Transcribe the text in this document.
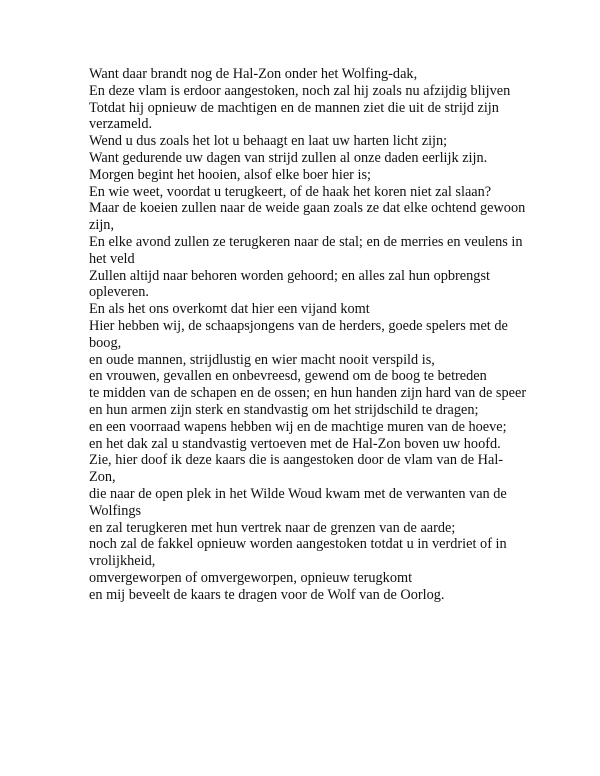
Want daar brandt nog de Hal-Zon onder het Wolfing-dak,

En deze vlam is erdoor aangestoken, noch zal hij zoals nu afzijdig blijven

Totdat hij opnieuw de machtigen en de mannen ziet die uit de strijd zijn verzameld.

Wend u dus zoals het lot u behaagt en laat uw harten licht zijn;

Want gedurende uw dagen van strijd zullen al onze daden eerlijk zijn.

Morgen begint het hooien, alsof elke boer hier is;

En wie weet, voordat u terugkeert, of de haak het koren niet zal slaan?

Maar de koeien zullen naar de weide gaan zoals ze dat elke ochtend gewoon zijn,

En elke avond zullen ze terugkeren naar de stal; en de merries en veulens in het veld

Zullen altijd naar behoren worden gehoord; en alles zal hun opbrengst opleveren.

En als het ons overkomt dat hier een vijand komt

Hier hebben wij, de schaapsjongens van de herders, goede spelers met de boog,

en oude mannen, strijdlustig en wier macht nooit verspild is,

en vrouwen, gevallen en onbevreesd, gewend om de boog te betreden

te midden van de schapen en de ossen; en hun handen zijn hard van de speer

en hun armen zijn sterk en standvastig om het strijdschild te dragen;

en een voorraad wapens hebben wij en de machtige muren van de hoeve;

en het dak zal u standvastig vertoeven met de Hal-Zon boven uw hoofd.

Zie, hier doof ik deze kaars die is aangestoken door de vlam van de Hal-Zon,

die naar de open plek in het Wilde Woud kwam met de verwanten van de Wolfings

en zal terugkeren met hun vertrek naar de grenzen van de aarde;

noch zal de fakkel opnieuw worden aangestoken totdat u in verdriet of in vrolijkheid,

omvergeworpen of omvergeworpen, opnieuw terugkomt

en mij beveelt de kaars te dragen voor de Wolf van de Oorlog.
